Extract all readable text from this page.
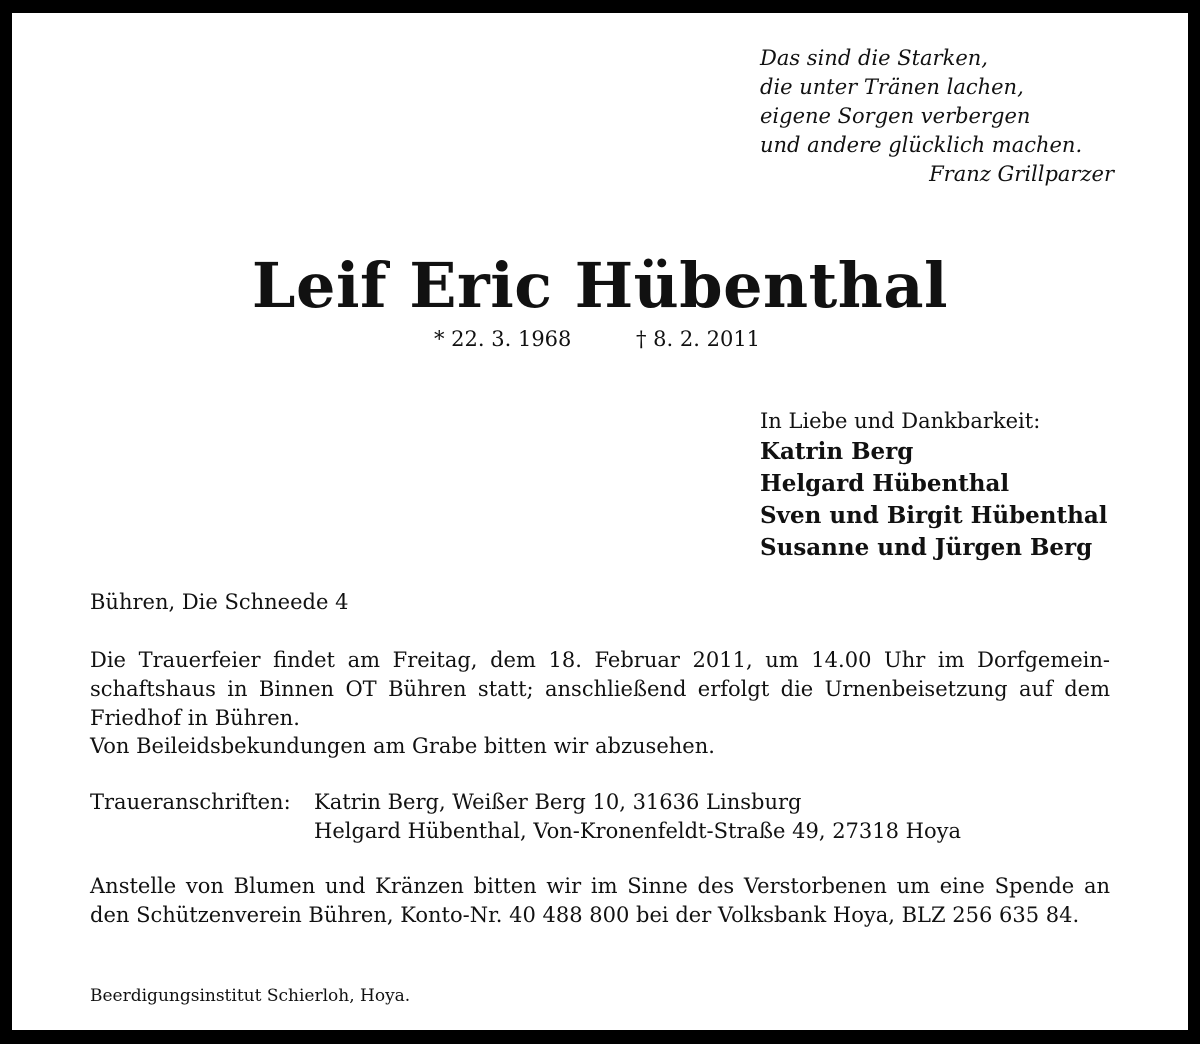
Das sind die Starken,
die unter Tränen lachen,
eigene Sorgen verbergen
und andere glücklich machen.
Franz Grillparzer
Leif Eric Hübenthal
* 22. 3. 1968	† 8. 2. 2011
In Liebe und Dankbarkeit:
Katrin Berg
Helgard Hübenthal
Sven und Birgit Hübenthal
Susanne und Jürgen Berg
Bühren, Die Schneede 4
Die Trauerfeier findet am Freitag, dem 18. Februar 2011, um 14.00 Uhr im Dorfgemein-schaftshaus in Binnen OT Bühren statt; anschließend erfolgt die Urnenbeisetzung auf dem Friedhof in Bühren.
Von Beileidsbekundungen am Grabe bitten wir abzusehen.
Traueranschriften: Katrin Berg, Weißer Berg 10, 31636 Linsburg
Helgard Hübenthal, Von-Kronenfeldt-Straße 49, 27318 Hoya
Anstelle von Blumen und Kränzen bitten wir im Sinne des Verstorbenen um eine Spende an den Schützenverein Bühren, Konto-Nr. 40 488 800 bei der Volksbank Hoya, BLZ 256 635 84.
Beerdigungsinstitut Schierloh, Hoya.
